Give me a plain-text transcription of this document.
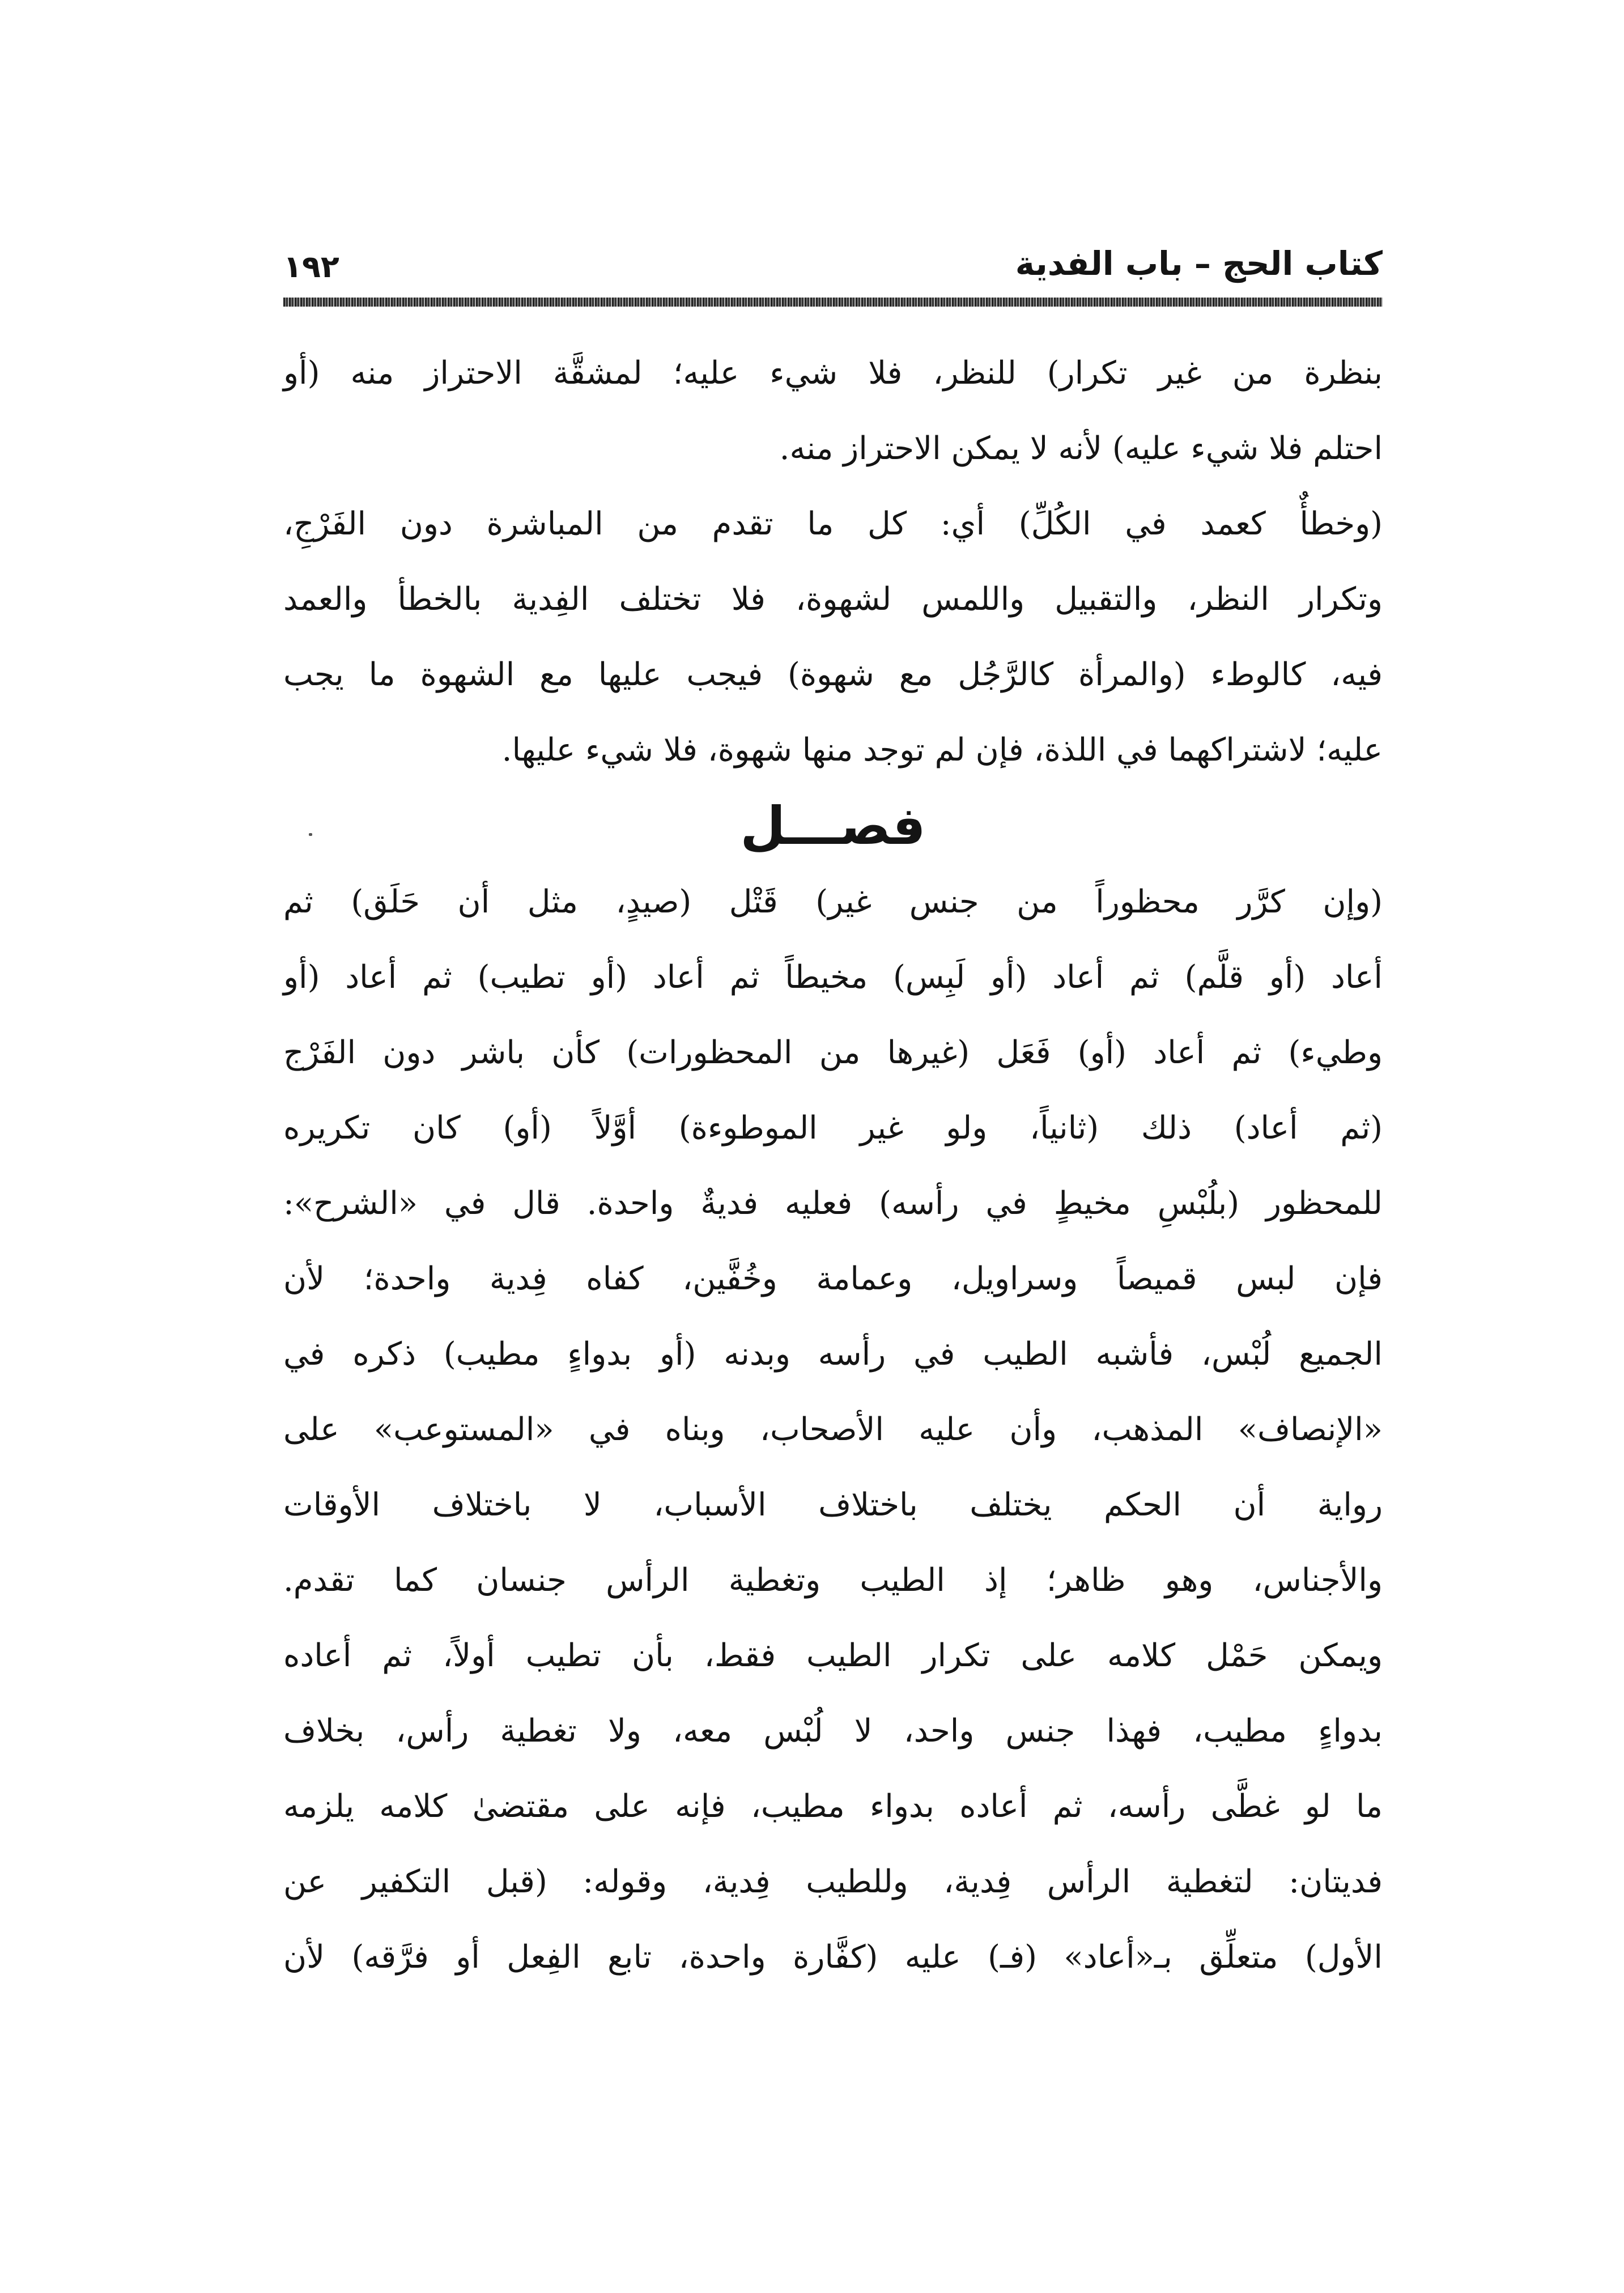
كتاب الحج – باب الفدية
١٩٢
بنظرة من غير تكرار) للنظر، فلا شيء عليه؛ لمشقَّة الاحتراز منه (أو
احتلم فلا شيء عليه) لأنه لا يمكن الاحتراز منه.
(وخطأٌ كعمد في الكُلِّ) أي: كل ما تقدم من المباشرة دون الفَرْجِ،
وتكرار النظر، والتقبيل واللمس لشهوة، فلا تختلف الفِدية بالخطأ والعمد
فيه، كالوطء (والمرأة كالرَّجُل مع شهوة) فيجب عليها مع الشهوة ما يجب
عليه؛ لاشتراكهما في اللذة، فإن لم توجد منها شهوة، فلا شيء عليها.
فصـــل
(وإن كرَّر محظوراً من جنس غير) قَتْل (صيدٍ، مثل أن حَلَق) ثم
أعاد (أو قلَّم) ثم أعاد (أو لَبِس) مخيطاً ثم أعاد (أو تطيب) ثم أعاد (أو
وطيء) ثم أعاد (أو) فَعَل (غيرها من المحظورات) كأن باشر دون الفَرْج
(ثم أعاد) ذلك (ثانياً، ولو غير الموطوءة) أوَّلاً (أو) كان تكريره
للمحظور (بلُبْسِ مخيطٍ في رأسه) فعليه فديةٌ واحدة. قال في «الشرح»:
فإن لبس قميصاً وسراويل، وعمامة وخُفَّين، كفاه فِدية واحدة؛ لأن
الجميع لُبْس، فأشبه الطيب في رأسه وبدنه (أو بدواءٍ مطيب) ذكره في
«الإنصاف» المذهب، وأن عليه الأصحاب، وبناه في «المستوعب» على
رواية أن الحكم يختلف باختلاف الأسباب، لا باختلاف الأوقات
والأجناس، وهو ظاهر؛ إذ الطيب وتغطية الرأس جنسان كما تقدم.
ويمكن حَمْل كلامه على تكرار الطيب فقط، بأن تطيب أولاً، ثم أعاده
بدواءٍ مطيب، فهذا جنس واحد، لا لُبْس معه، ولا تغطية رأس، بخلاف
ما لو غطَّى رأسه، ثم أعاده بدواء مطيب، فإنه على مقتضىٰ كلامه يلزمه
فديتان: لتغطية الرأس فِدية، وللطيب فِدية، وقوله: (قبل التكفير عن
الأول) متعلِّق بـ«أعاد» (فـ) عليه (كفَّارة واحدة، تابع الفِعل أو فرَّقه) لأن
